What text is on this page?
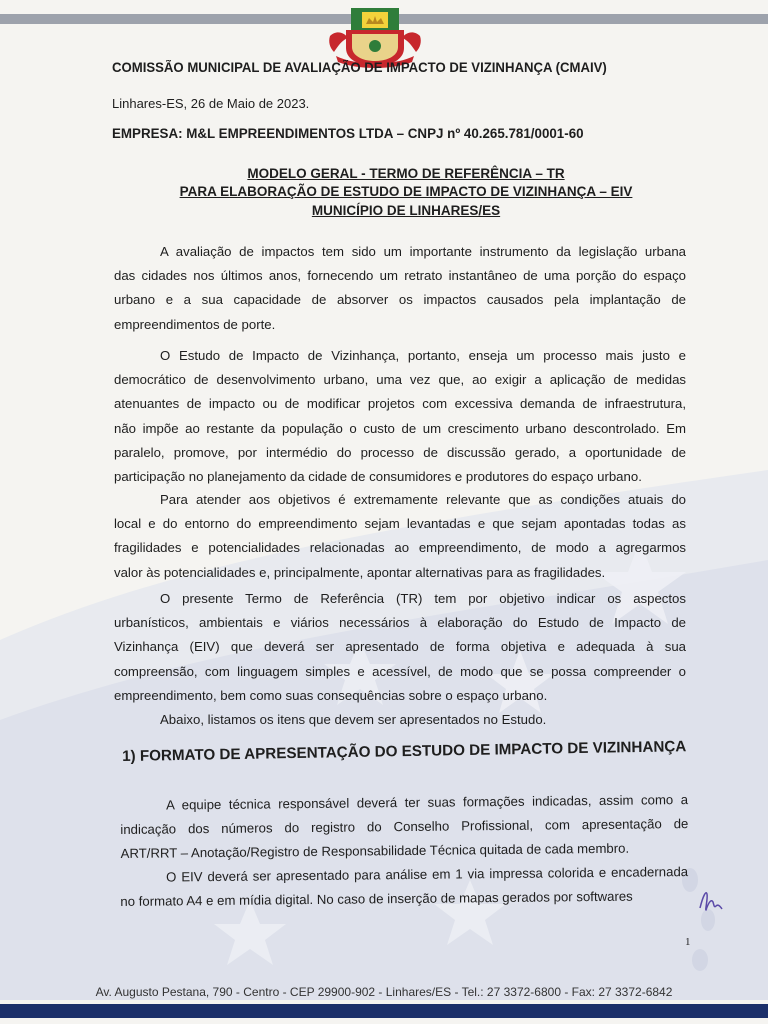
COMISSÃO MUNICIPAL DE AVALIAÇÃO DE IMPACTO DE VIZINHANÇA (CMAIV)
Linhares-ES, 26 de Maio de 2023.
EMPRESA: M&L EMPREENDIMENTOS LTDA – CNPJ nº 40.265.781/0001-60
MODELO GERAL - TERMO DE REFERÊNCIA – TR
PARA ELABORAÇÃO DE ESTUDO DE IMPACTO DE VIZINHANÇA – EIV
MUNICÍPIO DE LINHARES/ES
A avaliação de impactos tem sido um importante instrumento da legislação urbana
das cidades nos últimos anos, fornecendo um retrato instantâneo de uma porção do espaço
urbano e a sua capacidade de absorver os impactos causados pela implantação de
empreendimentos de porte.
O Estudo de Impacto de Vizinhança, portanto, enseja um processo mais justo e
democrático de desenvolvimento urbano, uma vez que, ao exigir a aplicação de medidas
atenuantes de impacto ou de modificar projetos com excessiva demanda de infraestrutura,
não impõe ao restante da população o custo de um crescimento urbano descontrolado. Em
paralelo, promove, por intermédio do processo de discussão gerado, a oportunidade de
participação no planejamento da cidade de consumidores e produtores do espaço urbano.
Para atender aos objetivos é extremamente relevante que as condições atuais do
local e do entorno do empreendimento sejam levantadas e que sejam apontadas todas as
fragilidades e potencialidades relacionadas ao empreendimento, de modo a agregarmos
valor às potencialidades e, principalmente, apontar alternativas para as fragilidades.
O presente Termo de Referência (TR) tem por objetivo indicar os aspectos
urbanísticos, ambientais e viários necessários à elaboração do Estudo de Impacto de
Vizinhança (EIV) que deverá ser apresentado de forma objetiva e adequada à sua
compreensão, com linguagem simples e acessível, de modo que se possa compreender o
empreendimento, bem como suas consequências sobre o espaço urbano.
Abaixo, listamos os itens que devem ser apresentados no Estudo.
1) FORMATO DE APRESENTAÇÃO DO ESTUDO DE IMPACTO DE VIZINHANÇA
A equipe técnica responsável deverá ter suas formações indicadas, assim como a
indicação dos números do registro do Conselho Profissional, com apresentação de
ART/RRT – Anotação/Registro de Responsabilidade Técnica quitada de cada membro.
O EIV deverá ser apresentado para análise em 1 via impressa colorida e encadernada
no formato A4 e em mídia digital. No caso de inserção de mapas gerados por softwares
1
Av. Augusto Pestana, 790 - Centro - CEP 29900-902 - Linhares/ES - Tel.: 27 3372-6800 - Fax: 27 3372-6842
